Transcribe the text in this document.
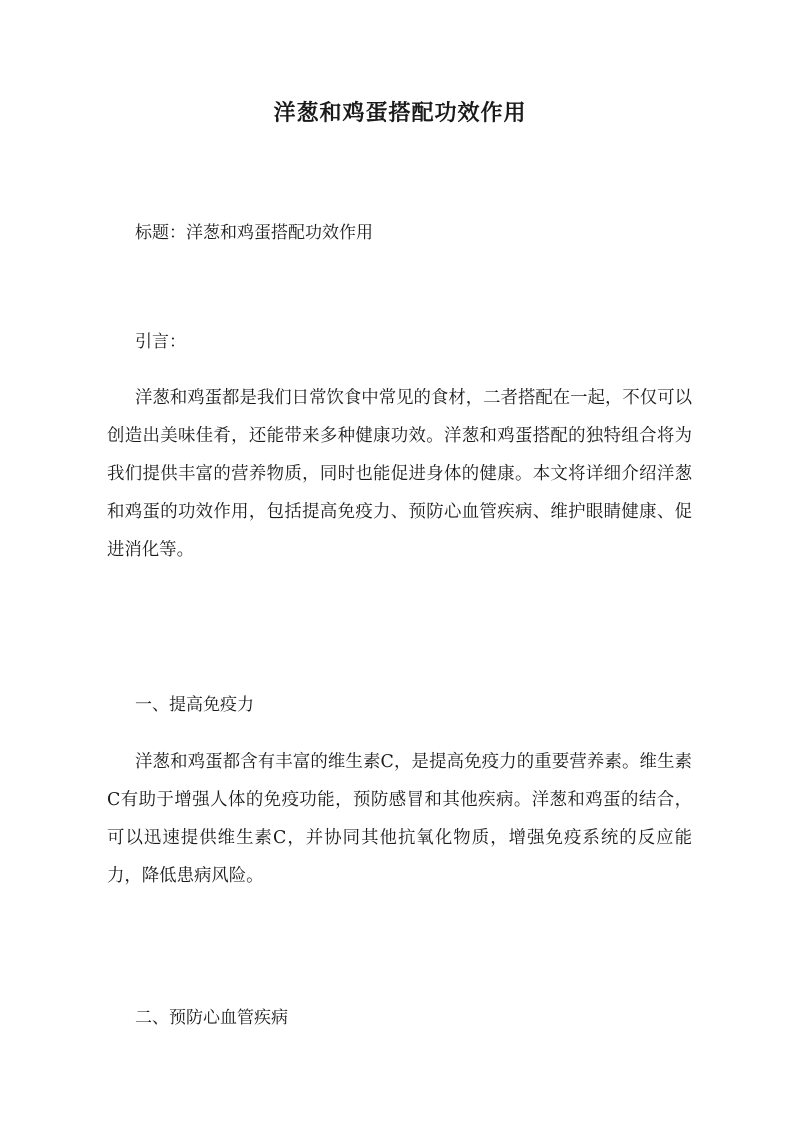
洋葱和鸡蛋搭配功效作用
标题：洋葱和鸡蛋搭配功效作用
引言：
洋葱和鸡蛋都是我们日常饮食中常见的食材，二者搭配在一起，不仅可以创造出美味佳肴，还能带来多种健康功效。洋葱和鸡蛋搭配的独特组合将为我们提供丰富的营养物质，同时也能促进身体的健康。本文将详细介绍洋葱和鸡蛋的功效作用，包括提高免疫力、预防心血管疾病、维护眼睛健康、促进消化等。
一、提高免疫力
洋葱和鸡蛋都含有丰富的维生素C，是提高免疫力的重要营养素。维生素C有助于增强人体的免疫功能，预防感冒和其他疾病。洋葱和鸡蛋的结合，可以迅速提供维生素C，并协同其他抗氧化物质，增强免疫系统的反应能力，降低患病风险。
二、预防心血管疾病
